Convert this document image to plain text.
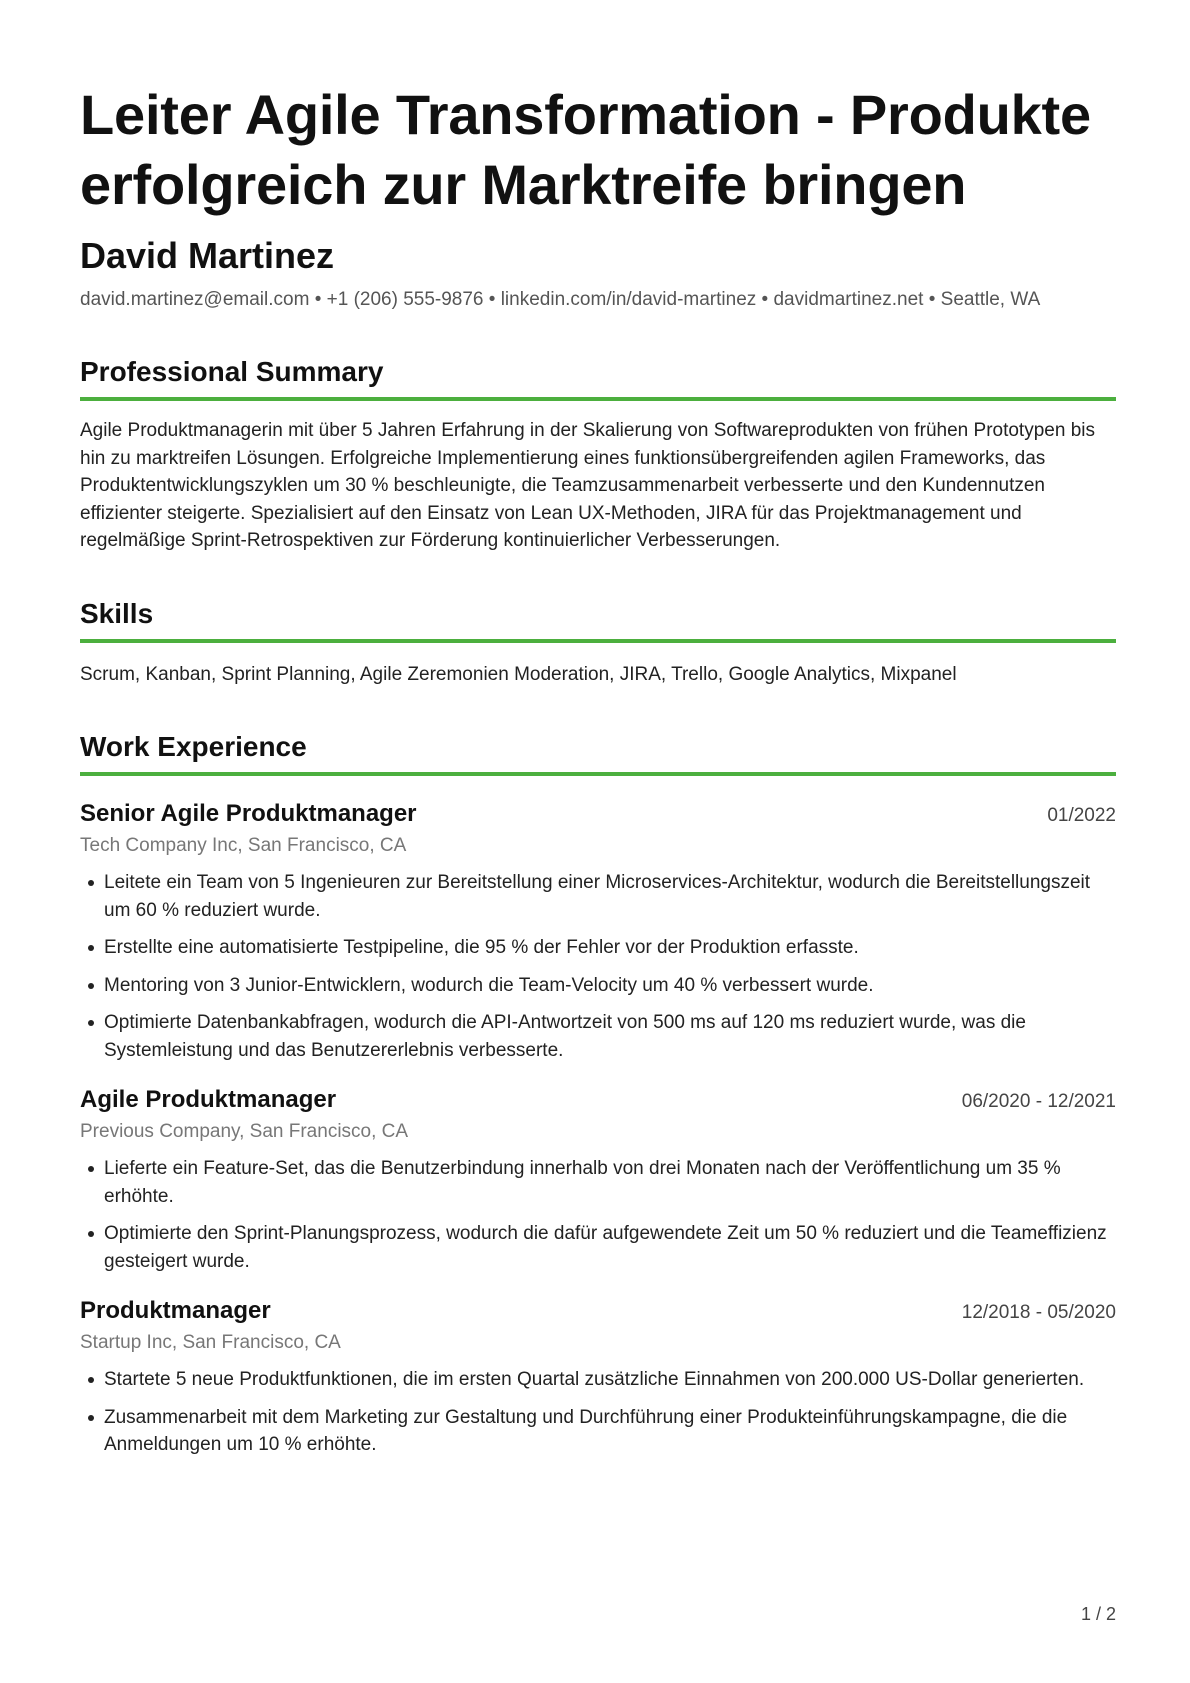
Leiter Agile Transformation - Produkte erfolgreich zur Marktreife bringen
David Martinez
david.martinez@email.com • +1 (206) 555-9876 • linkedin.com/in/david-martinez • davidmartinez.net • Seattle, WA
Professional Summary
Agile Produktmanagerin mit über 5 Jahren Erfahrung in der Skalierung von Softwareprodukten von frühen Prototypen bis hin zu marktreifen Lösungen. Erfolgreiche Implementierung eines funktionsübergreifenden agilen Frameworks, das Produktentwicklungszyklen um 30 % beschleunigte, die Teamzusammenarbeit verbesserte und den Kundennutzen effizienter steigerte. Spezialisiert auf den Einsatz von Lean UX-Methoden, JIRA für das Projektmanagement und regelmäßige Sprint-Retrospektiven zur Förderung kontinuierlicher Verbesserungen.
Skills
Scrum, Kanban, Sprint Planning, Agile Zeremonien Moderation, JIRA, Trello, Google Analytics, Mixpanel
Work Experience
Senior Agile Produktmanager	01/2022
Tech Company Inc, San Francisco, CA
Leitete ein Team von 5 Ingenieuren zur Bereitstellung einer Microservices-Architektur, wodurch die Bereitstellungszeit um 60 % reduziert wurde.
Erstellte eine automatisierte Testpipeline, die 95 % der Fehler vor der Produktion erfasste.
Mentoring von 3 Junior-Entwicklern, wodurch die Team-Velocity um 40 % verbessert wurde.
Optimierte Datenbankabfragen, wodurch die API-Antwortzeit von 500 ms auf 120 ms reduziert wurde, was die Systemleistung und das Benutzererlebnis verbesserte.
Agile Produktmanager	06/2020 - 12/2021
Previous Company, San Francisco, CA
Lieferte ein Feature-Set, das die Benutzerbindung innerhalb von drei Monaten nach der Veröffentlichung um 35 % erhöhte.
Optimierte den Sprint-Planungsprozess, wodurch die dafür aufgewendete Zeit um 50 % reduziert und die Teameffizienz gesteigert wurde.
Produktmanager	12/2018 - 05/2020
Startup Inc, San Francisco, CA
Startete 5 neue Produktfunktionen, die im ersten Quartal zusätzliche Einnahmen von 200.000 US-Dollar generierten.
Zusammenarbeit mit dem Marketing zur Gestaltung und Durchführung einer Produkteinführungskampagne, die die Anmeldungen um 10 % erhöhte.
1 / 2
